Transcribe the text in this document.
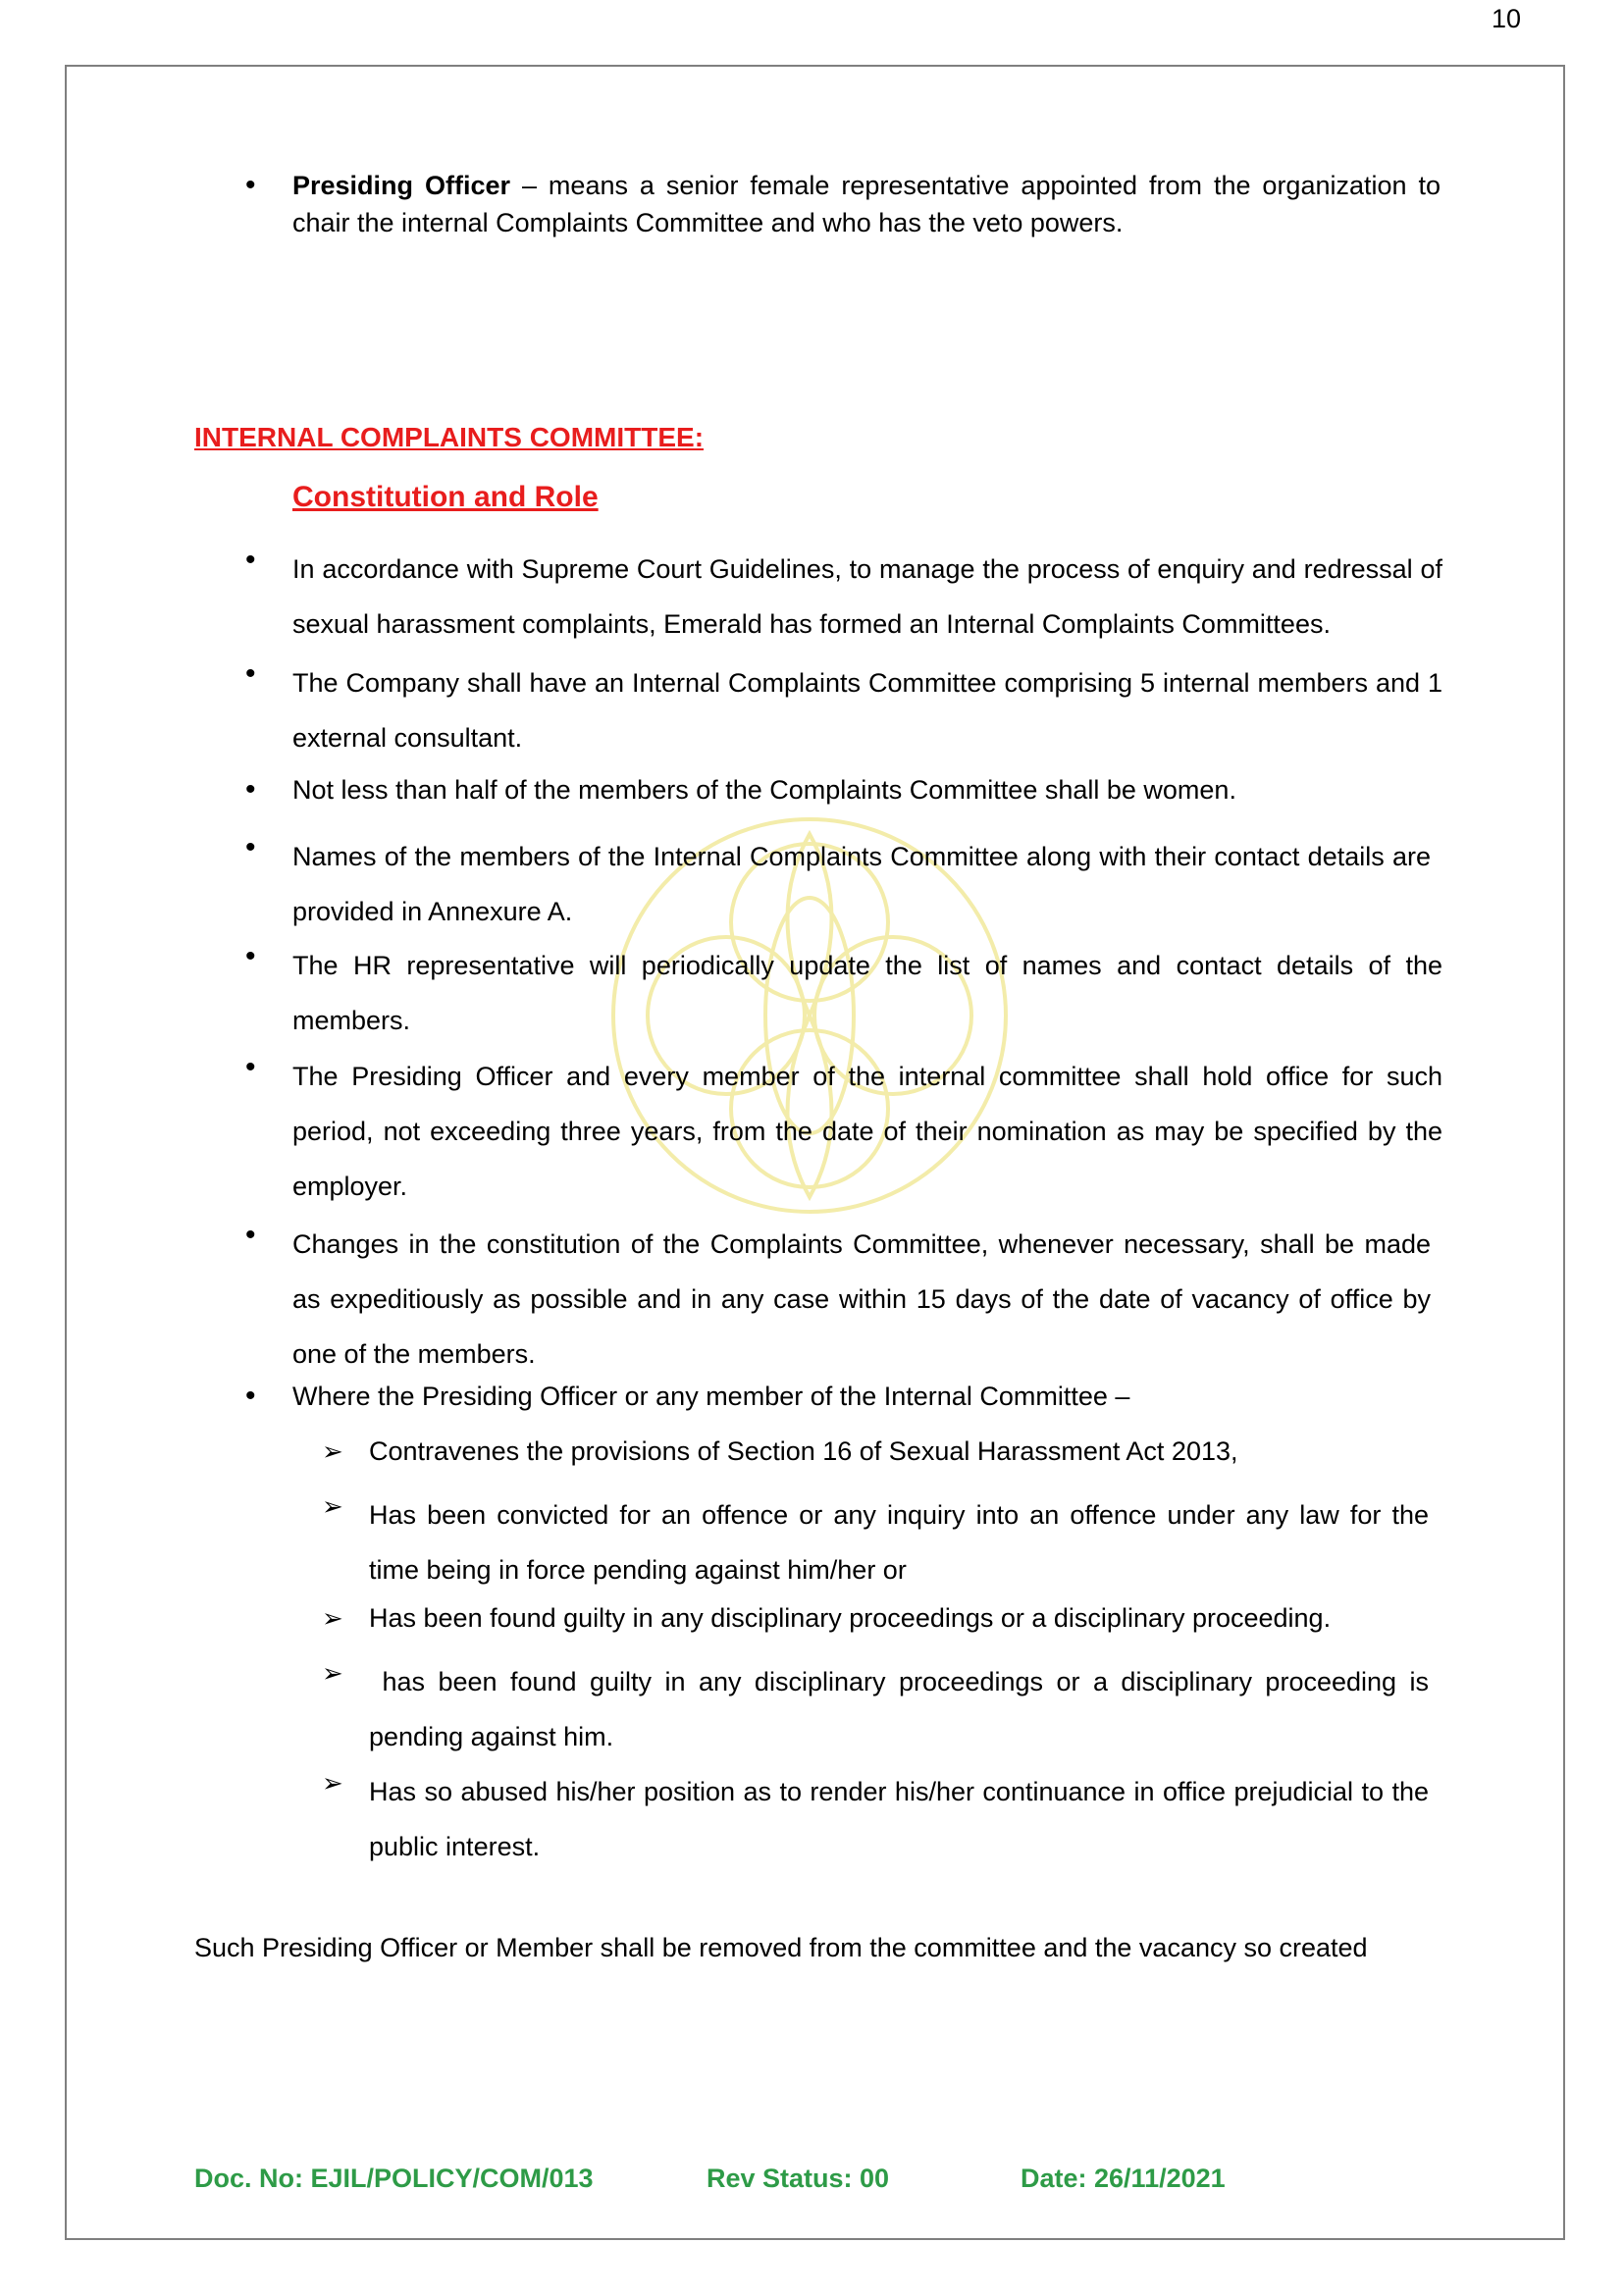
10
• Presiding Officer – means a senior female representative appointed from the organization to chair the internal Complaints Committee and who has the veto powers.
INTERNAL COMPLAINTS COMMITTEE:
Constitution and Role
• In accordance with Supreme Court Guidelines, to manage the process of enquiry and redressal of sexual harassment complaints, Emerald has formed an Internal Complaints Committees.
• The Company shall have an Internal Complaints Committee comprising 5 internal members and 1 external consultant.
• Not less than half of the members of the Complaints Committee shall be women.
• Names of the members of the Internal Complaints Committee along with their contact details are provided in Annexure A.
• The HR representative will periodically update the list of names and contact details of the members.
• The Presiding Officer and every member of the internal committee shall hold office for such period, not exceeding three years, from the date of their nomination as may be specified by the employer.
• Changes in the constitution of the Complaints Committee, whenever necessary, shall be made as expeditiously as possible and in any case within 15 days of the date of vacancy of office by one of the members.
• Where the Presiding Officer or any member of the Internal Committee –
➢ Contravenes the provisions of Section 16 of Sexual Harassment Act 2013,
➢ Has been convicted for an offence or any inquiry into an offence under any law for the time being in force pending against him/her or
➢ Has been found guilty in any disciplinary proceedings or a disciplinary proceeding.
➢ has been found guilty in any disciplinary proceedings or a disciplinary proceeding is pending against him.
➢ Has so abused his/her position as to render his/her continuance in office prejudicial to the public interest.
Such Presiding Officer or Member shall be removed from the committee and the vacancy so created
Doc. No: EJIL/POLICY/COM/013	Rev Status: 00	Date: 26/11/2021
